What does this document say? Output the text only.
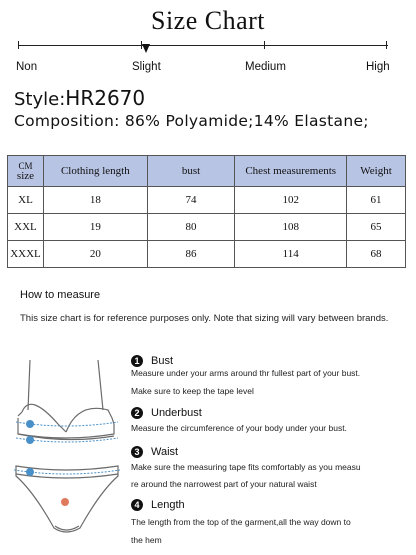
Size Chart
Non	Slight	Medium	High
Style:HR2670
Composition: 86% Polyamide;14% Elastane;
CM
size	Clothing length	bust	Chest measurements	Weight
XL	18	74	102	61
XXL	19	80	108	65
XXXL	20	86	114	68
How to measure
This size chart is for reference purposes only. Note that sizing will vary between brands.
1 Bust
Measure under your arms around thr fullest part of your bust.
Make sure to keep the tape level
2 Underbust
Measure the circumference of your body under your bust.
3 Waist
Make sure the measuring tape fits comfortably as you measu
re around the narrowest part of your natural waist
4 Length
The length from the top of the garment,all the way down to
the hem
